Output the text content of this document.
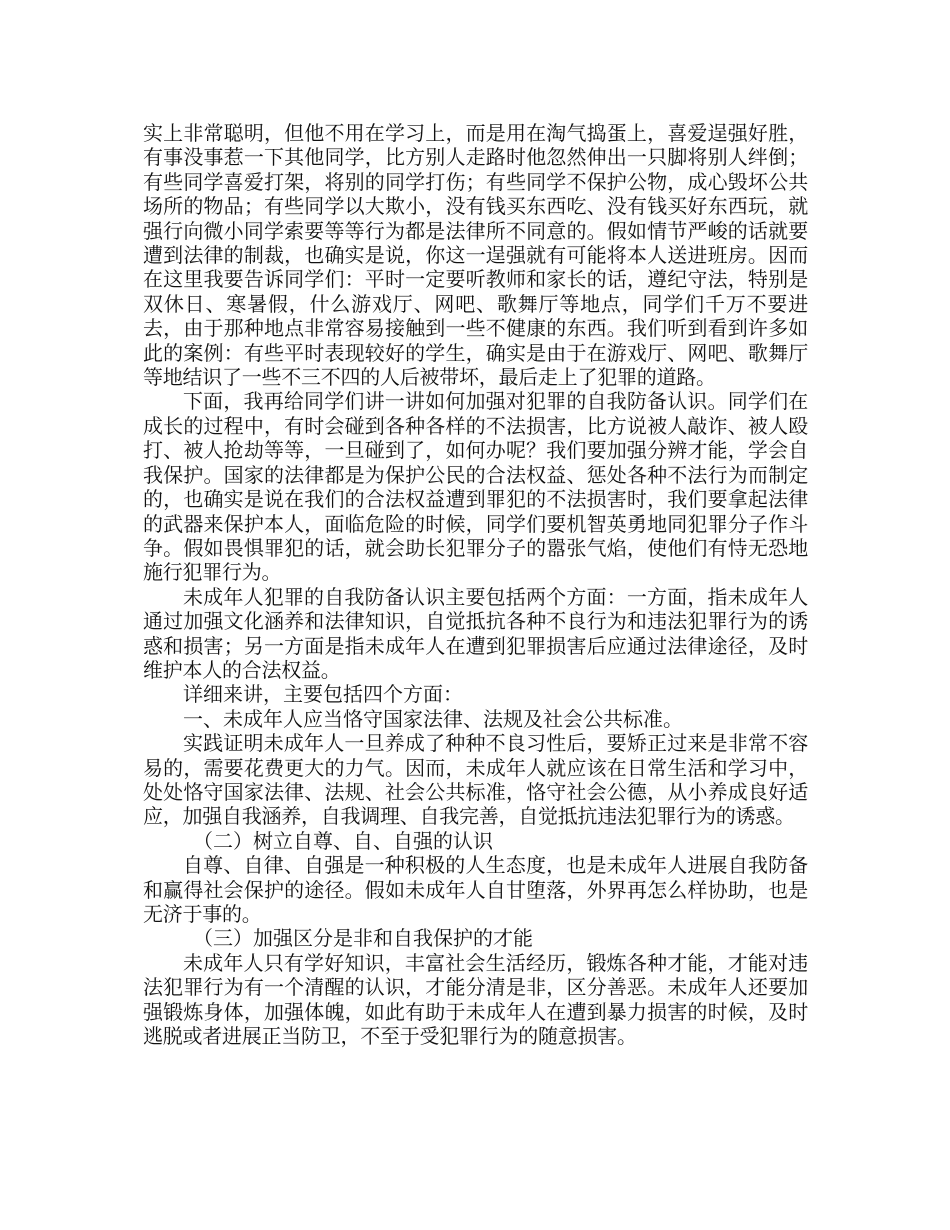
实上非常聪明，但他不用在学习上，而是用在淘气捣蛋上，喜爱逞强好胜，有事没事惹一下其他同学，比方别人走路时他忽然伸出一只脚将别人绊倒；有些同学喜爱打架，将别的同学打伤；有些同学不保护公物，成心毁坏公共场所的物品；有些同学以大欺小，没有钱买东西吃、没有钱买好东西玩，就强行向微小同学索要等等行为都是法律所不同意的。假如情节严峻的话就要遭到法律的制裁，也确实是说，你这一逞强就有可能将本人送进班房。因而在这里我要告诉同学们：平时一定要听教师和家长的话，遵纪守法，特别是双休日、寒暑假，什么游戏厅、网吧、歌舞厅等地点，同学们千万不要进去，由于那种地点非常容易接触到一些不健康的东西。我们听到看到许多如此的案例：有些平时表现较好的学生，确实是由于在游戏厅、网吧、歌舞厅等地结识了一些不三不四的人后被带坏，最后走上了犯罪的道路。

下面，我再给同学们讲一讲如何加强对犯罪的自我防备认识。同学们在成长的过程中，有时会碰到各种各样的不法损害，比方说被人敲诈、被人殴打、被人抢劫等等，一旦碰到了，如何办呢？我们要加强分辨才能，学会自我保护。国家的法律都是为保护公民的合法权益、惩处各种不法行为而制定的，也确实是说在我们的合法权益遭到罪犯的不法损害时，我们要拿起法律的武器来保护本人，面临危险的时候，同学们要机智英勇地同犯罪分子作斗争。假如畏惧罪犯的话，就会助长犯罪分子的嚣张气焰，使他们有恃无恐地施行犯罪行为。

未成年人犯罪的自我防备认识主要包括两个方面：一方面，指未成年人通过加强文化涵养和法律知识，自觉抵抗各种不良行为和违法犯罪行为的诱惑和损害；另一方面是指未成年人在遭到犯罪损害后应通过法律途径，及时维护本人的合法权益。

详细来讲，主要包括四个方面：

一、未成年人应当恪守国家法律、法规及社会公共标准。

实践证明未成年人一旦养成了种种不良习性后，要矫正过来是非常不容易的，需要花费更大的力气。因而，未成年人就应该在日常生活和学习中，处处恪守国家法律、法规、社会公共标准，恪守社会公德，从小养成良好适应，加强自我涵养，自我调理、自我完善，自觉抵抗违法犯罪行为的诱惑。

（二）树立自尊、自、自强的认识

自尊、自律、自强是一种积极的人生态度，也是未成年人进展自我防备和赢得社会保护的途径。假如未成年人自甘堕落，外界再怎么样协助，也是无济于事的。

（三）加强区分是非和自我保护的才能

未成年人只有学好知识，丰富社会生活经历，锻炼各种才能，才能对违法犯罪行为有一个清醒的认识，才能分清是非，区分善恶。未成年人还要加强锻炼身体，加强体魄，如此有助于未成年人在遭到暴力损害的时候，及时逃脱或者进展正当防卫，不至于受犯罪行为的随意损害。
